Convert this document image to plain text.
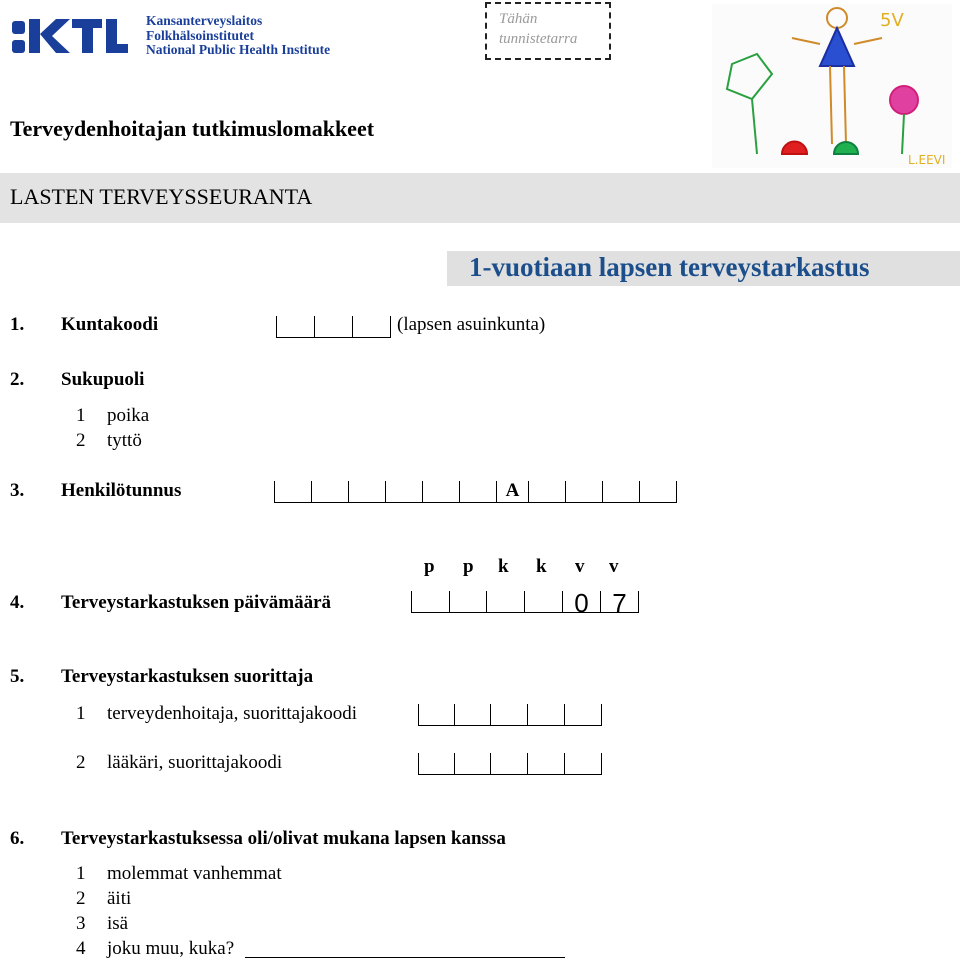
Kansanterveyslaitos
Folkhälsoinstitutet
National Public Health Institute
Tähän tunnistetarra
5V
L.EEVI
Terveydenhoitajan tutkimuslomakkeet
LASTEN TERVEYSSEURANTA
1-vuotiaan lapsen terveystarkastus
1. Kuntakoodi	(lapsen asuinkunta)
2. Sukupuoli
1 poika
2 tyttö
3. Henkilötunnus	A
p p k k v v
4. Terveystarkastuksen päivämäärä	0 7
5. Terveystarkastuksen suorittaja
1 terveydenhoitaja, suorittajakoodi
2 lääkäri, suorittajakoodi
6. Terveystarkastuksessa oli/olivat mukana lapsen kanssa
1 molemmat vanhemmat
2 äiti
3 isä
4 joku muu, kuka?
